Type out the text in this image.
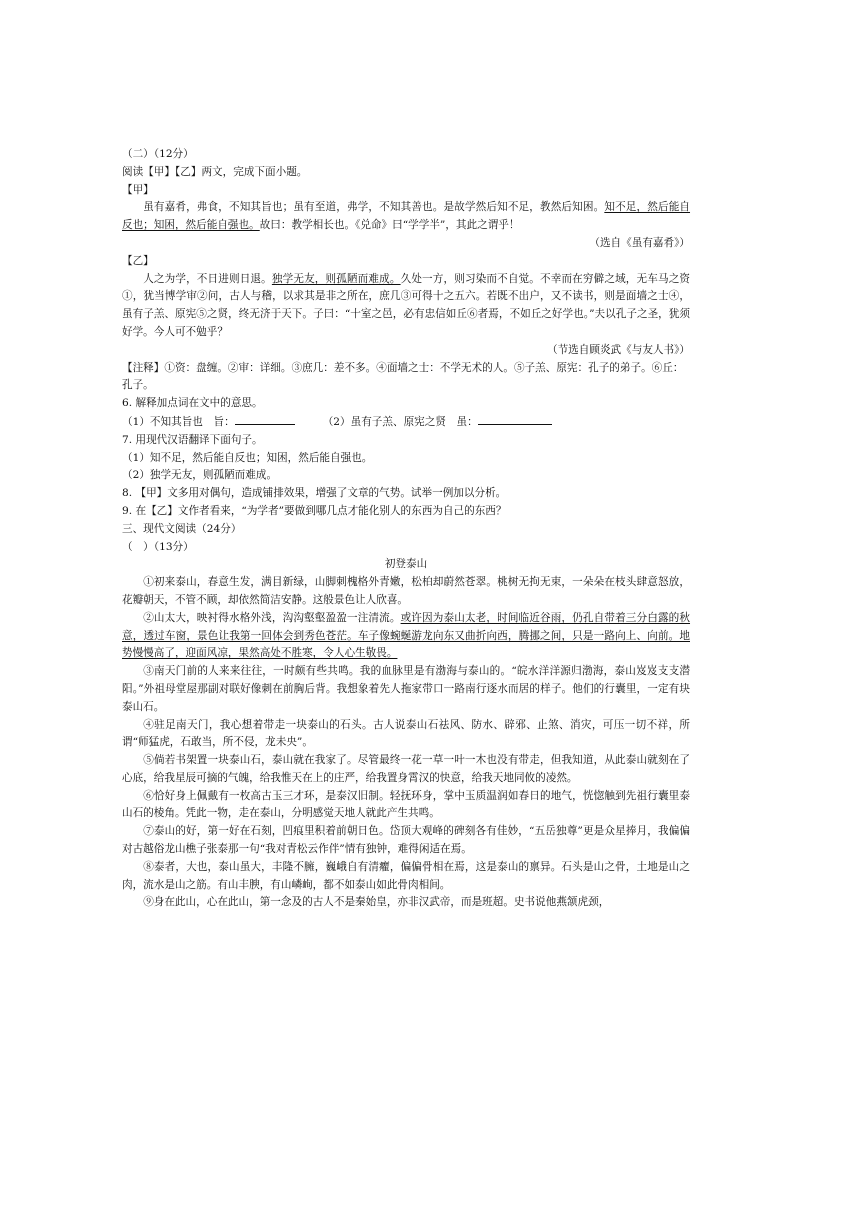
（二）（12分）
阅读【甲】【乙】两文，完成下面小题。
【甲】
虽有嘉肴，弗食，不知其旨也；虽有至道，弗学，不知其善也。是故学然后知不足，教然后知困。知不足，然后能自反也；知困，然后能自强也。故曰：教学相长也。《兑命》曰“学学半”，其此之谓乎！
（选自《虽有嘉肴》）
【乙】
人之为学，不日进则日退。独学无友，则孤陋而难成。久处一方，则习染而不自觉。不幸而在穷僻之域，无车马之资①，犹当博学审②问，古人与稽，以求其是非之所在，庶几③可得十之五六。若既不出户，又不读书，则是面墙之士④，虽有子羔、原宪⑤之贤，终无济于天下。子曰：“十室之邑，必有忠信如丘⑥者焉，不如丘之好学也。”夫以孔子之圣，犹须好学。今人可不勉乎？
（节选自顾炎武《与友人书》）
【注释】①资：盘缠。②审：详细。③庶几：差不多。④面墙之士：不学无术的人。⑤子羔、原宪：孔子的弟子。⑥丘：孔子。
6. 解释加点词在文中的意思。
（1）不知其旨也　旨：	（2）虽有子羔、原宪之贤　虽：
7. 用现代汉语翻译下面句子。
（1）知不足，然后能自反也；知困，然后能自强也。
（2）独学无友，则孤陋而难成。
8. 【甲】文多用对偶句，造成铺排效果，增强了文章的气势。试举一例加以分析。
9. 在【乙】文作者看来，“为学者”要做到哪几点才能化别人的东西为自己的东西？
三、现代文阅读（24分）
（　）（13分）
初登泰山
①初来泰山，春意生发，满目新绿，山脚刺槐格外青嫩，松柏却蔚然苍翠。桃树无拘无束，一朵朵在枝头肆意怒放，花瓣朝天，不管不顾，却依然简洁安静。这般景色让人欣喜。
②山太大，映衬得水格外浅，沟沟壑壑盈盈一注清流。或许因为泰山太老，时间临近谷雨，仍孔自带着三分白露的秋意，透过车窗，景色让我第一回体会到秀色苍茫。车子像蜿蜒游龙向东又曲折向西，腾挪之间，只是一路向上、向前。地势慢慢高了，迎面风凉，果然高处不胜寒，令人心生敬畏。
③南天门前的人来来往往，一时颇有些共鸣。我的血脉里是有渤海与泰山的。“皖水洋洋源归渤海，泰山岌岌支支潜阳。”外祖母堂屋那副对联好像刺在前胸后背。我想象着先人拖家带口一路南行逐水而居的样子。他们的行囊里，一定有块泰山石。
④驻足南天门，我心想着带走一块泰山的石头。古人说泰山石祛风、防水、辟邪、止煞、消灾，可压一切不祥，所谓“师猛虎，石敢当，所不侵，龙未央”。
⑤倘若书架置一块泰山石，泰山就在我家了。尽管最终一花一草一叶一木也没有带走，但我知道，从此泰山就刻在了心底，给我星辰可摘的气魄，给我惟天在上的庄严，给我置身霄汉的快意，给我天地同攸的凌然。
⑥恰好身上佩戴有一枚高古玉三才环，是泰汉旧制。轻抚环身，掌中玉质温润如春日的地气，恍惚触到先祖行囊里泰山石的棱角。凭此一物，走在泰山，分明感觉天地人就此产生共鸣。
⑦泰山的好，第一好在石刻，凹痕里积着前朝日色。岱顶大观峰的碑刻各有佳妙，“五岳独尊”更是众星捧月，我偏偏对古越俗龙山樵子张泰那一句“我对青松云作伴”情有独钟，难得闲适在焉。
⑧泰者，大也，泰山虽大，丰隆不臃，巍峨自有清癯，偏偏骨相在焉，这是泰山的禀异。石头是山之骨，土地是山之肉，流水是山之筋。有山丰腴，有山嶙峋，都不如泰山如此骨肉相间。
⑨身在此山，心在此山，第一念及的古人不是秦始皇，亦非汉武帝，而是班超。史书说他燕颔虎颈，
